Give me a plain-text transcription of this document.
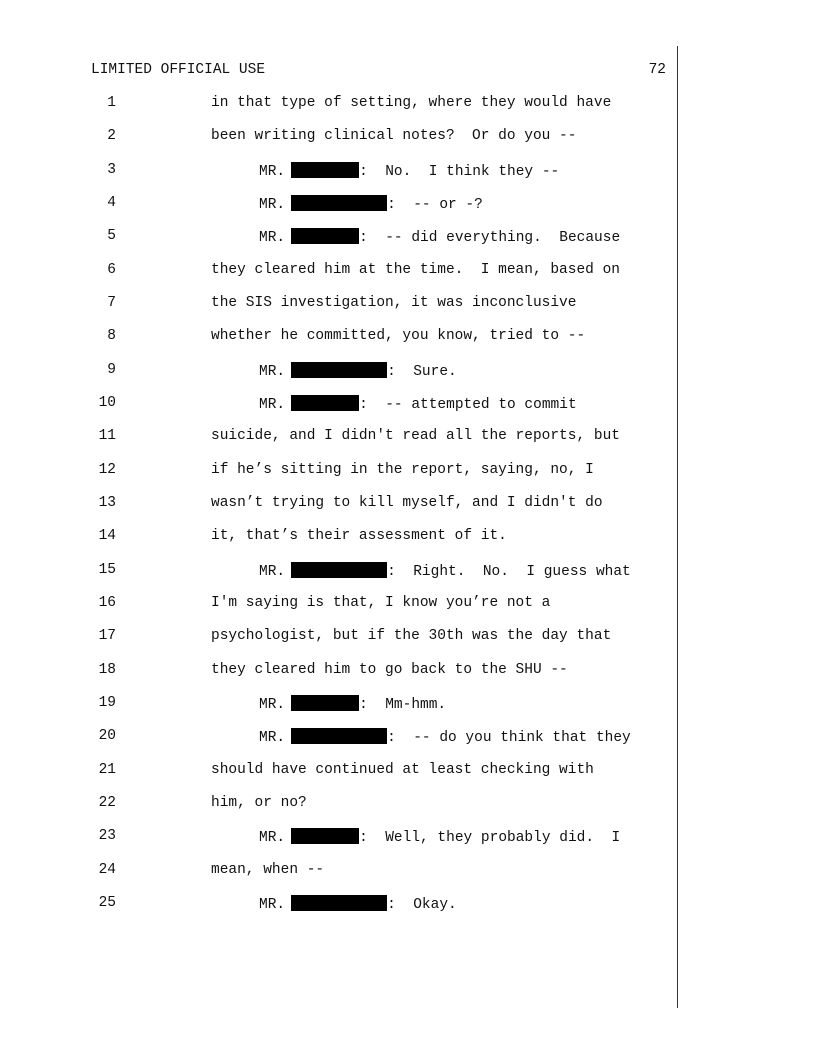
LIMITED OFFICIAL USE	72
1	in that type of setting, where they would have
2	been writing clinical notes?  Or do you --
3	MR.	:  No.  I think they --
4	MR.	:  -- or -?
5	MR.	:  -- did everything.  Because
6	they cleared him at the time.  I mean, based on
7	the SIS investigation, it was inconclusive
8	whether he committed, you know, tried to --
9	MR.	:  Sure.
10	MR.	:  -- attempted to commit
11	suicide, and I didn't read all the reports, but
12	if he’s sitting in the report, saying, no, I
13	wasn’t trying to kill myself, and I didn't do
14	it, that’s their assessment of it.
15	MR.	:  Right.  No.  I guess what
16	I'm saying is that, I know you’re not a
17	psychologist, but if the 30th was the day that
18	they cleared him to go back to the SHU --
19	MR.	:  Mm-hmm.
20	MR.	:  -- do you think that they
21	should have continued at least checking with
22	him, or no?
23	MR.	:  Well, they probably did.  I
24	mean, when --
25	MR.	:  Okay.
